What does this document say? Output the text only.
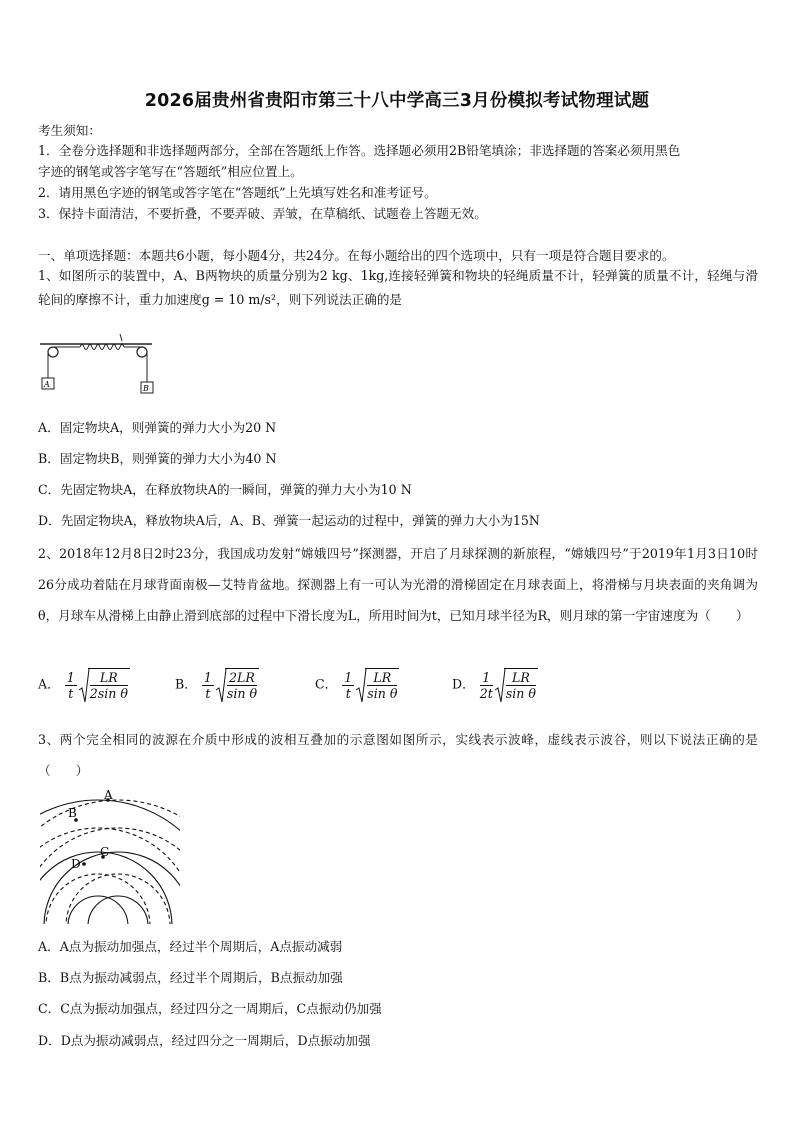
2026届贵州省贵阳市第三十八中学高三3月份模拟考试物理试题
考生须知：
1．全卷分选择题和非选择题两部分，全部在答题纸上作答。选择题必须用2B铅笔填涂；非选择题的答案必须用黑色
字迹的钢笔或答字笔写在“答题纸”相应位置上。
2．请用黑色字迹的钢笔或答字笔在“答题纸”上先填写姓名和准考证号。
3．保持卡面清洁，不要折叠，不要弄破、弄皱，在草稿纸、试题卷上答题无效。
一、单项选择题：本题共6小题，每小题4分，共24分。在每小题给出的四个选项中，只有一项是符合题目要求的。
1、如图所示的装置中，A、B两物块的质量分别为2 kg、1kg,连接轻弹簧和物块的轻绳质量不计，轻弹簧的质量不计，轻绳与滑轮间的摩擦不计，重力加速度g = 10 m/s²，则下列说法正确的是
A	B
A．固定物块A，则弹簧的弹力大小为20 N
B．固定物块B，则弹簧的弹力大小为40 N
C．先固定物块A，在释放物块A的一瞬间，弹簧的弹力大小为10 N
D．先固定物块A，释放物块A后，A、B、弹簧一起运动的过程中，弹簧的弹力大小为15N
2、2018年12月8日2时23分，我国成功发射“嫦娥四号”探测器，开启了月球探测的新旅程，“嫦娥四号”于2019年1月3日10时26分成功着陆在月球背面南极—艾特肯盆地。探测器上有一可认为光滑的滑梯固定在月球表面上，将滑梯与月块表面的夹角调为θ，月球车从滑梯上由静止滑到底部的过程中下滑长度为L，所用时间为t，已知月球半径为R，则月球的第一宇宙速度为（　　）
A． $\frac{1}{t} \frac{LR}{\text{2sin θ}}$	B． $\frac{1}{t} \frac{2LR}{\text{sin θ}}$	C． $\frac{1}{t} \frac{LR}{\text{sin θ}}$	D． $\frac{1}{2t} \frac{LR}{\text{sin θ}}$
3、两个完全相同的波源在介质中形成的波相互叠加的示意图如图所示，实线表示波峰，虚线表示波谷，则以下说法正确的是（　　）
A
B
C
D
A．A点为振动加强点，经过半个周期后，A点振动减弱
B．B点为振动减弱点，经过半个周期后，B点振动加强
C．C点为振动加强点，经过四分之一周期后，C点振动仍加强
D．D点为振动减弱点，经过四分之一周期后，D点振动加强
